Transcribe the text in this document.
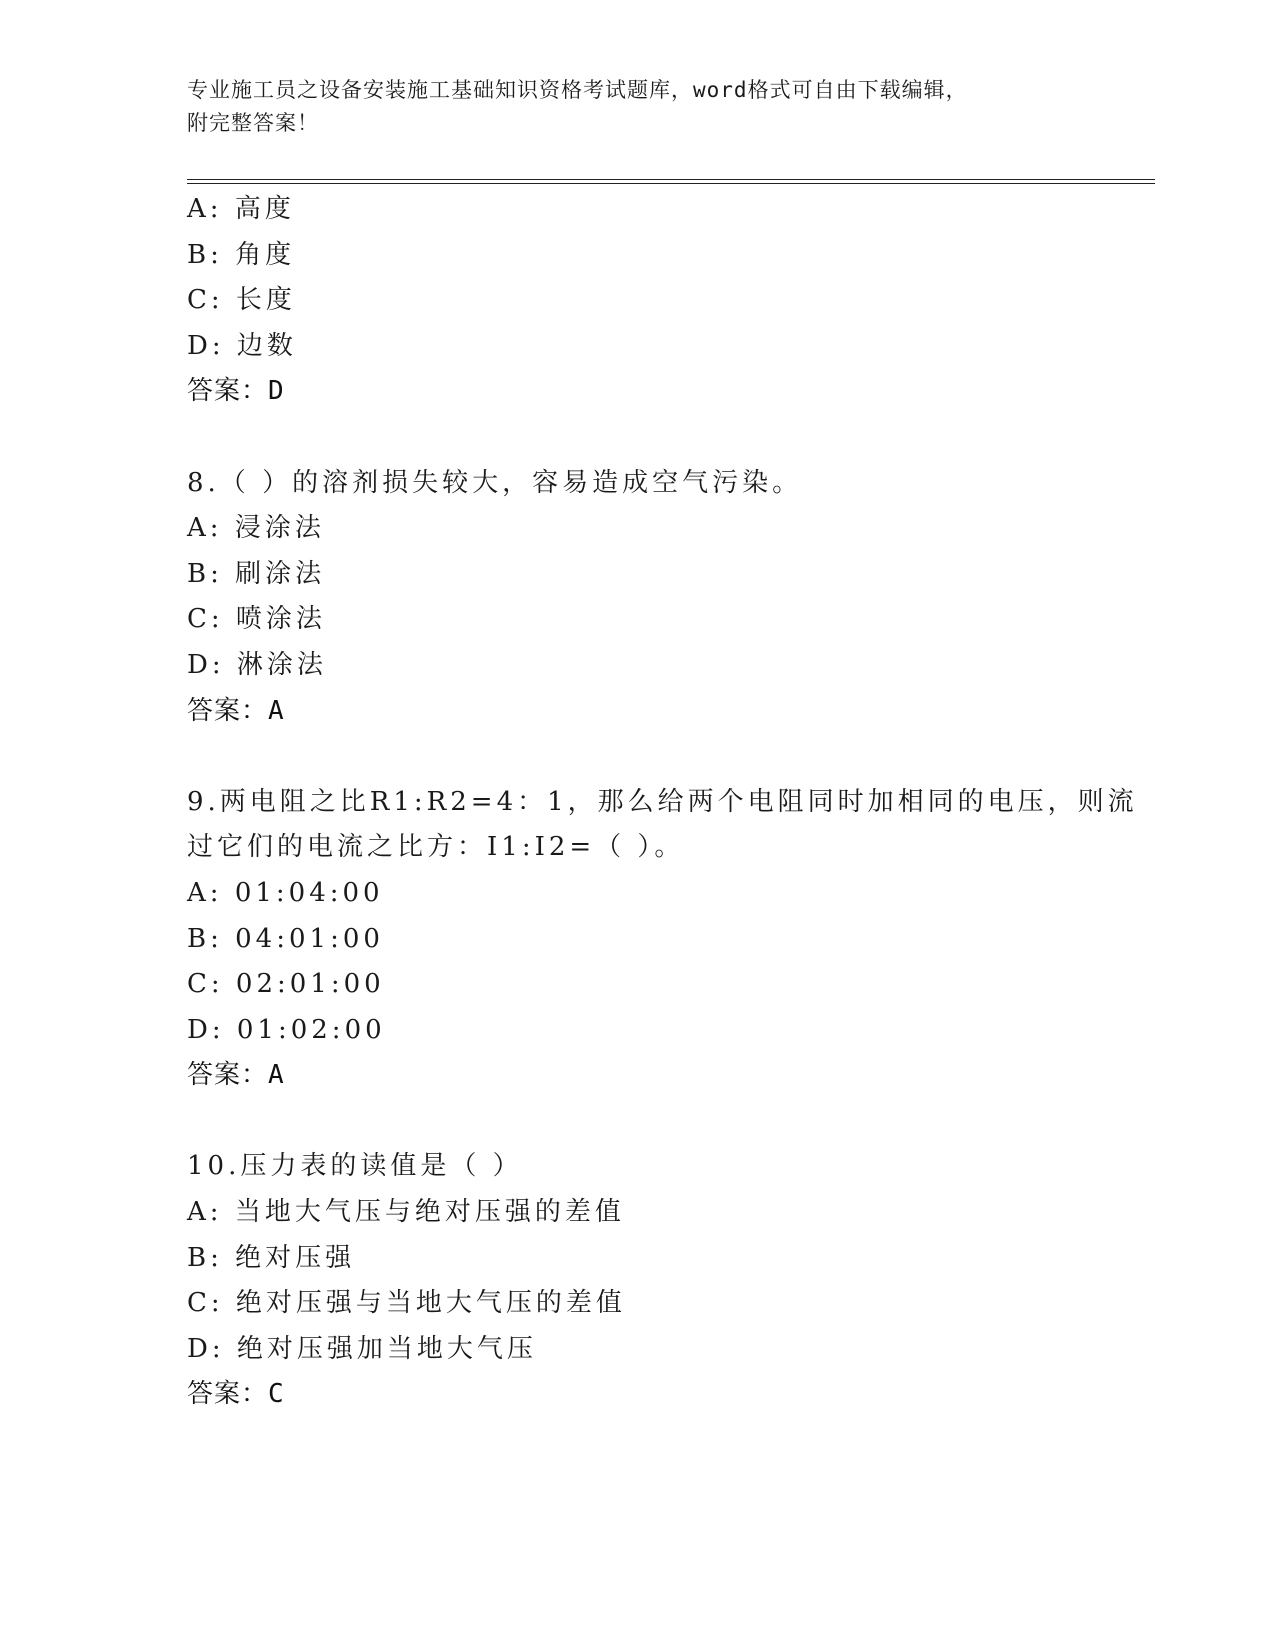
专业施工员之设备安装施工基础知识资格考试题库，word格式可自由下载编辑，
附完整答案！
A: 高度
B: 角度
C: 长度
D: 边数
答案：D
8.（ ）的溶剂损失较大，容易造成空气污染。
A: 浸涂法
B: 刷涂法
C: 喷涂法
D: 淋涂法
答案：A
9.两电阻之比R1:R2=4：1，那么给两个电阻同时加相同的电压，则流
过它们的电流之比方：I1:I2=（ ）。
A: 01:04:00
B: 04:01:00
C: 02:01:00
D: 01:02:00
答案：A
10.压力表的读值是（ ）
A: 当地大气压与绝对压强的差值
B: 绝对压强
C: 绝对压强与当地大气压的差值
D: 绝对压强加当地大气压
答案：C
